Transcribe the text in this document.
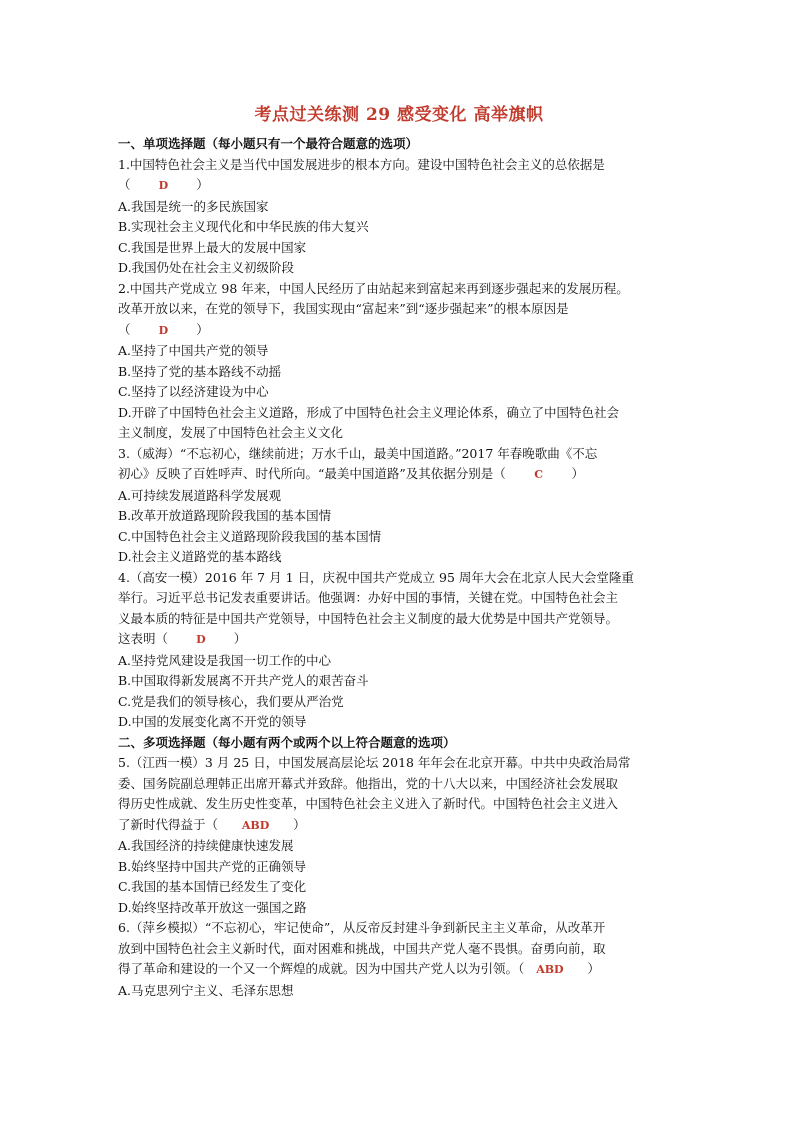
考点过关练测 29 感受变化 高举旗帜
一、单项选择题（每小题只有一个最符合题意的选项）
1.中国特色社会主义是当代中国发展进步的根本方向。建设中国特色社会主义的总依据是
（	D ）
A.我国是统一的多民族国家
B.实现社会主义现代化和中华民族的伟大复兴
C.我国是世界上最大的发展中国家
D.我国仍处在社会主义初级阶段
2.中国共产党成立 98 年来，中国人民经历了由站起来到富起来再到逐步强起来的发展历程。
改革开放以来，在党的领导下，我国实现由“富起来”到“逐步强起来”的根本原因是
（	D ）
A.坚持了中国共产党的领导
B.坚持了党的基本路线不动摇
C.坚持了以经济建设为中心
D.开辟了中国特色社会主义道路，形成了中国特色社会主义理论体系，确立了中国特色社会
主义制度，发展了中国特色社会主义文化
3.（威海）“不忘初心，继续前进；万水千山，最美中国道路。”2017 年春晚歌曲《不忘
初心》反映了百姓呼声、时代所向。“最美中国道路”及其依据分别是（	C ）
A.可持续发展道路科学发展观
B.改革开放道路现阶段我国的基本国情
C.中国特色社会主义道路现阶段我国的基本国情
D.社会主义道路党的基本路线
4.（高安一模）2016 年 7 月 1 日，庆祝中国共产党成立 95 周年大会在北京人民大会堂隆重
举行。习近平总书记发表重要讲话。他强调：办好中国的事情，关键在党。中国特色社会主
义最本质的特征是中国共产党领导，中国特色社会主义制度的最大优势是中国共产党领导。
这表明（	D ）
A.坚持党风建设是我国一切工作的中心
B.中国取得新发展离不开共产党人的艰苦奋斗
C.党是我们的领导核心，我们要从严治党
D.中国的发展变化离不开党的领导
二、多项选择题（每小题有两个或两个以上符合题意的选项）
5.（江西一模）3 月 25 日，中国发展高层论坛 2018 年年会在北京开幕。中共中央政治局常
委、国务院副总理韩正出席开幕式并致辞。他指出，党的十八大以来，中国经济社会发展取
得历史性成就、发生历史性变革，中国特色社会主义进入了新时代。中国特色社会主义进入
了新时代得益于（ ABD ）
A.我国经济的持续健康快速发展
B.始终坚持中国共产党的正确领导
C.我国的基本国情已经发生了变化
D.始终坚持改革开放这一强国之路
6.（萍乡模拟）“不忘初心，牢记使命”，从反帝反封建斗争到新民主主义革命，从改革开
放到中国特色社会主义新时代，面对困难和挑战，中国共产党人毫不畏惧。奋勇向前，取
得了革命和建设的一个又一个辉煌的成就。因为中国共产党人以为引领。（ ABD ）
A.马克思列宁主义、毛泽东思想
